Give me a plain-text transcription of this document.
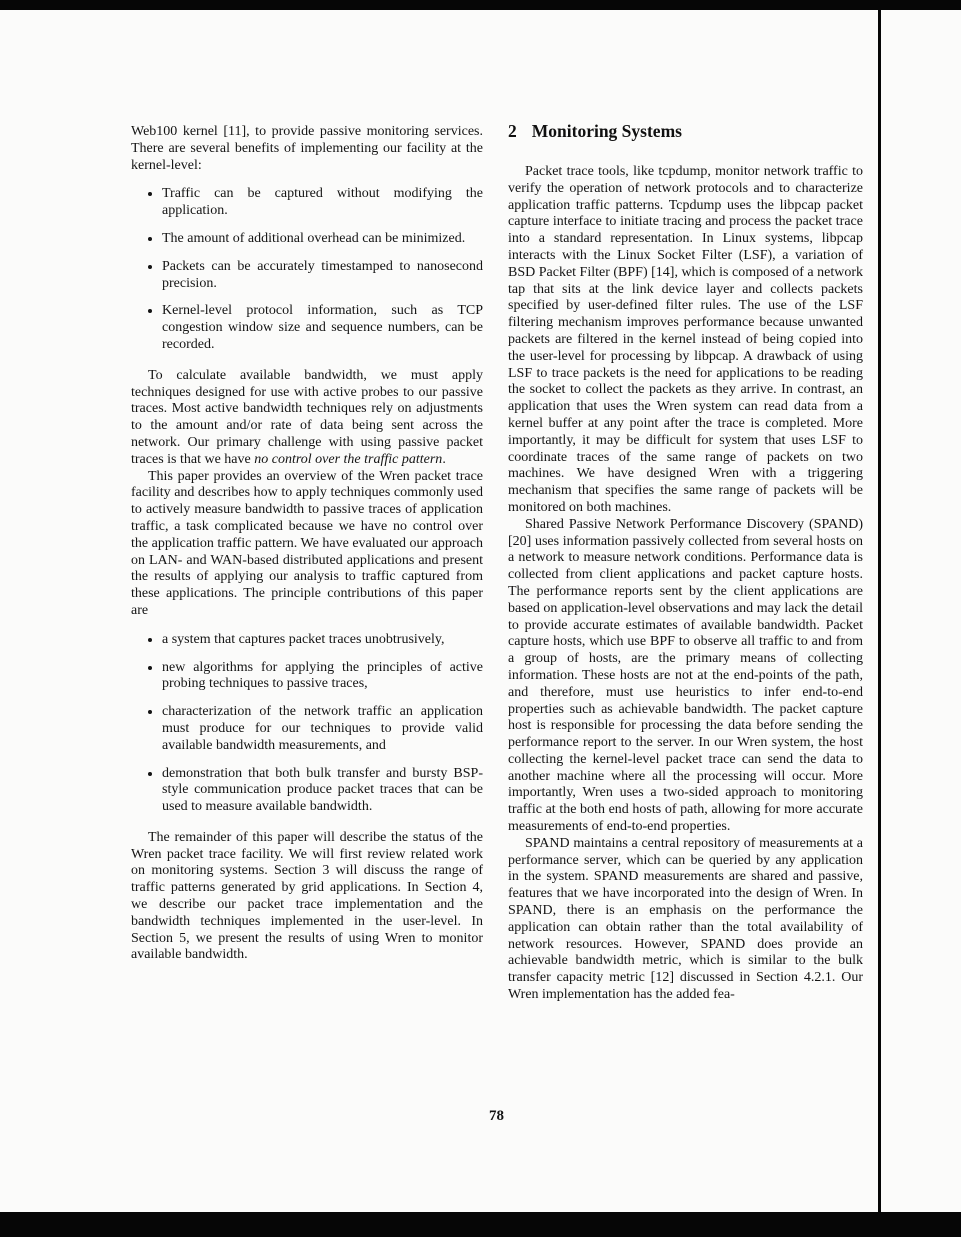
Web100 kernel [11], to provide passive monitoring services. There are several benefits of implementing our facility at the kernel-level:

• Traffic can be captured without modifying the application.
• The amount of additional overhead can be minimized.
• Packets can be accurately timestamped to nanosecond precision.
• Kernel-level protocol information, such as TCP congestion window size and sequence numbers, can be recorded.

To calculate available bandwidth, we must apply techniques designed for use with active probes to our passive traces. Most active bandwidth techniques rely on adjustments to the amount and/or rate of data being sent across the network. Our primary challenge with using passive packet traces is that we have no control over the traffic pattern.

This paper provides an overview of the Wren packet trace facility and describes how to apply techniques commonly used to actively measure bandwidth to passive traces of application traffic, a task complicated because we have no control over the application traffic pattern. We have evaluated our approach on LAN- and WAN-based distributed applications and present the results of applying our analysis to traffic captured from these applications. The principle contributions of this paper are

• a system that captures packet traces unobtrusively,
• new algorithms for applying the principles of active probing techniques to passive traces,
• characterization of the network traffic an application must produce for our techniques to provide valid available bandwidth measurements, and
• demonstration that both bulk transfer and bursty BSP-style communication produce packet traces that can be used to measure available bandwidth.

The remainder of this paper will describe the status of the Wren packet trace facility. We will first review related work on monitoring systems. Section 3 will discuss the range of traffic patterns generated by grid applications. In Section 4, we describe our packet trace implementation and the bandwidth techniques implemented in the user-level. In Section 5, we present the results of using Wren to monitor available bandwidth.

2 Monitoring Systems

Packet trace tools, like tcpdump, monitor network traffic to verify the operation of network protocols and to characterize application traffic patterns. Tcpdump uses the libpcap packet capture interface to initiate tracing and process the packet trace into a standard representation. In Linux systems, libpcap interacts with the Linux Socket Filter (LSF), a variation of BSD Packet Filter (BPF) [14], which is composed of a network tap that sits at the link device layer and collects packets specified by user-defined filter rules. The use of the LSF filtering mechanism improves performance because unwanted packets are filtered in the kernel instead of being copied into the user-level for processing by libpcap. A drawback of using LSF to trace packets is the need for applications to be reading the socket to collect the packets as they arrive. In contrast, an application that uses the Wren system can read data from a kernel buffer at any point after the trace is completed. More importantly, it may be difficult for system that uses LSF to coordinate traces of the same range of packets on two machines. We have designed Wren with a triggering mechanism that specifies the same range of packets will be monitored on both machines.

Shared Passive Network Performance Discovery (SPAND) [20] uses information passively collected from several hosts on a network to measure network conditions. Performance data is collected from client applications and packet capture hosts. The performance reports sent by the client applications are based on application-level observations and may lack the detail to provide accurate estimates of available bandwidth. Packet capture hosts, which use BPF to observe all traffic to and from a group of hosts, are the primary means of collecting information. These hosts are not at the end-points of the path, and therefore, must use heuristics to infer end-to-end properties such as achievable bandwidth. The packet capture host is responsible for processing the data before sending the performance report to the server. In our Wren system, the host collecting the kernel-level packet trace can send the data to another machine where all the processing will occur. More importantly, Wren uses a two-sided approach to monitoring traffic at the both end hosts of path, allowing for more accurate measurements of end-to-end properties.

SPAND maintains a central repository of measurements at a performance server, which can be queried by any application in the system. SPAND measurements are shared and passive, features that we have incorporated into the design of Wren. In SPAND, there is an emphasis on the performance the application can obtain rather than the total availability of network resources. However, SPAND does provide an achievable bandwidth metric, which is similar to the bulk transfer capacity metric [12] discussed in Section 4.2.1. Our Wren implementation has the added fea-

78
